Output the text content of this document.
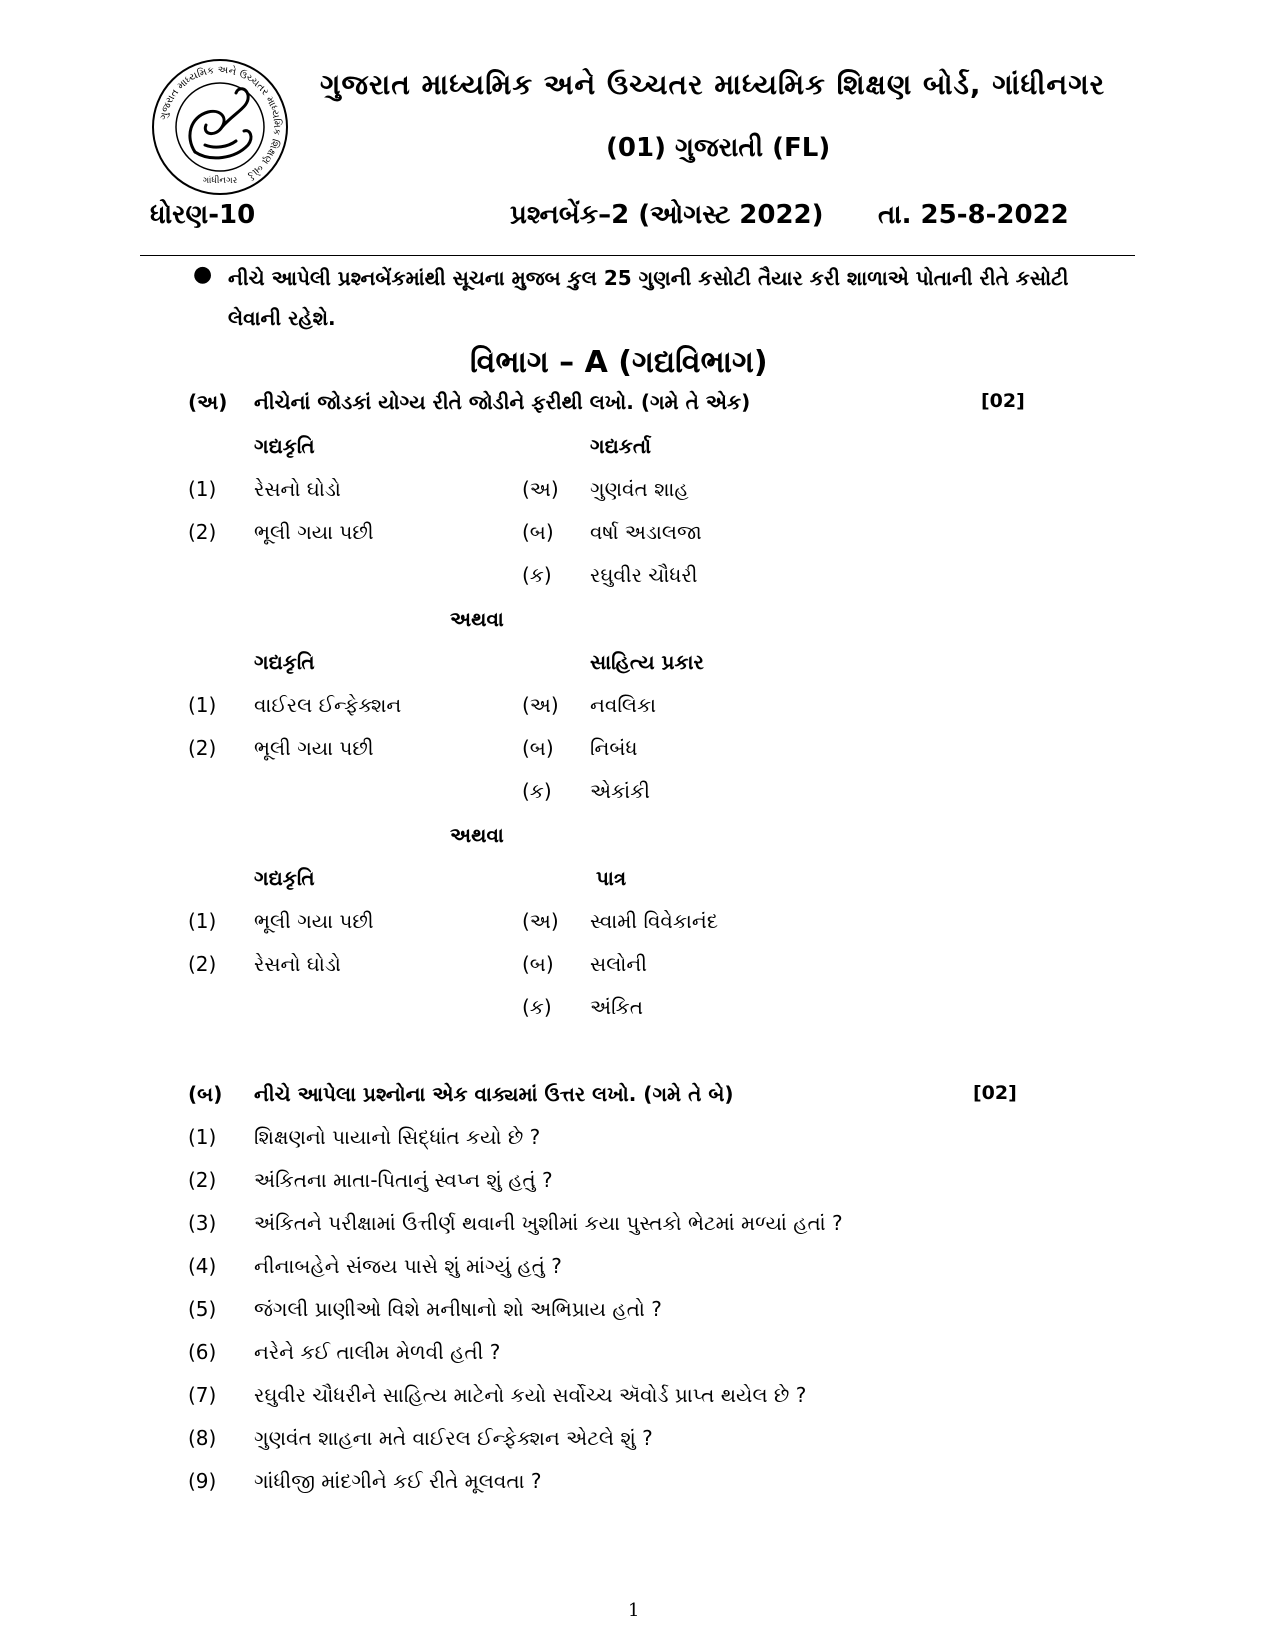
ગુજરાત માધ્યમિક અને ઉચ્ચતર માધ્યમિક શિક્ષણ બોર્ડ
ગાંધીનગર
ગુજરાત માધ્યમિક અને ઉચ્ચતર માધ્યમિક શિક્ષણ બોર્ડ, ગાંધીનગર
(01) ગુજરાતી (FL)
ધોરણ-10	પ્રશ્નબેંક–2 (ઓગસ્ટ 2022) તા. 25-8-2022
● નીચે આપેલી પ્રશ્નબેંકમાંથી સૂચના મુજબ કુલ 25 ગુણની કસોટી તૈયાર કરી શાળાએ પોતાની રીતે કસોટી લેવાની રહેશે.
વિભાગ – A (ગદ્યવિભાગ)
(અ) નીચેનાં જોડકાં યોગ્ય રીતે જોડીને ફરીથી લખો. (ગમે તે એક)	[02]
ગદ્યકૃતિ	ગદ્યકર્તા
(1) રેસનો ઘોડો	(અ) ગુણવંત શાહ
(2) ભૂલી ગયા પછી	(બ) વર્ષા અડાલજા
(ક) રઘુવીર ચૌધરી
અથવા
ગદ્યકૃતિ	સાહિત્ય પ્રકાર
(1) વાઈરલ ઈન્ફેક્શન	(અ) નવલિકા
(2) ભૂલી ગયા પછી	(બ) નિબંધ
(ક) એકાંકી
અથવા
ગદ્યકૃતિ	પાત્ર
(1) ભૂલી ગયા પછી	(અ) સ્વામી વિવેકાનંદ
(2) રેસનો ઘોડો	(બ) સલોની
(ક) અંકિત
(બ) નીચે આપેલા પ્રશ્નોના એક વાક્યમાં ઉત્તર લખો. (ગમે તે બે)	[02]
(1) શિક્ષણનો પાયાનો સિદ્ધાંત કયો છે ?
(2) અંકિતના માતા-પિતાનું સ્વપ્ન શું હતું ?
(3) અંકિતને પરીક્ષામાં ઉત્તીર્ણ થવાની ખુશીમાં કયા પુસ્તકો ભેટમાં મળ્યાં હતાં ?
(4) નીનાબહેને સંજય પાસે શું માંગ્યું હતું ?
(5) જંગલી પ્રાણીઓ વિશે મનીષાનો શો અભિપ્રાય હતો ?
(6) નરેને કઈ તાલીમ મેળવી હતી ?
(7) રઘુવીર ચૌધરીને સાહિત્ય માટેનો કયો સર્વોચ્ચ ઍવોર્ડ પ્રાપ્ત થયેલ છે ?
(8) ગુણવંત શાહના મતે વાઈરલ ઈન્ફેક્શન એટલે શું ?
(9) ગાંધીજી માંદગીને કઈ રીતે મૂલવતા ?
1
